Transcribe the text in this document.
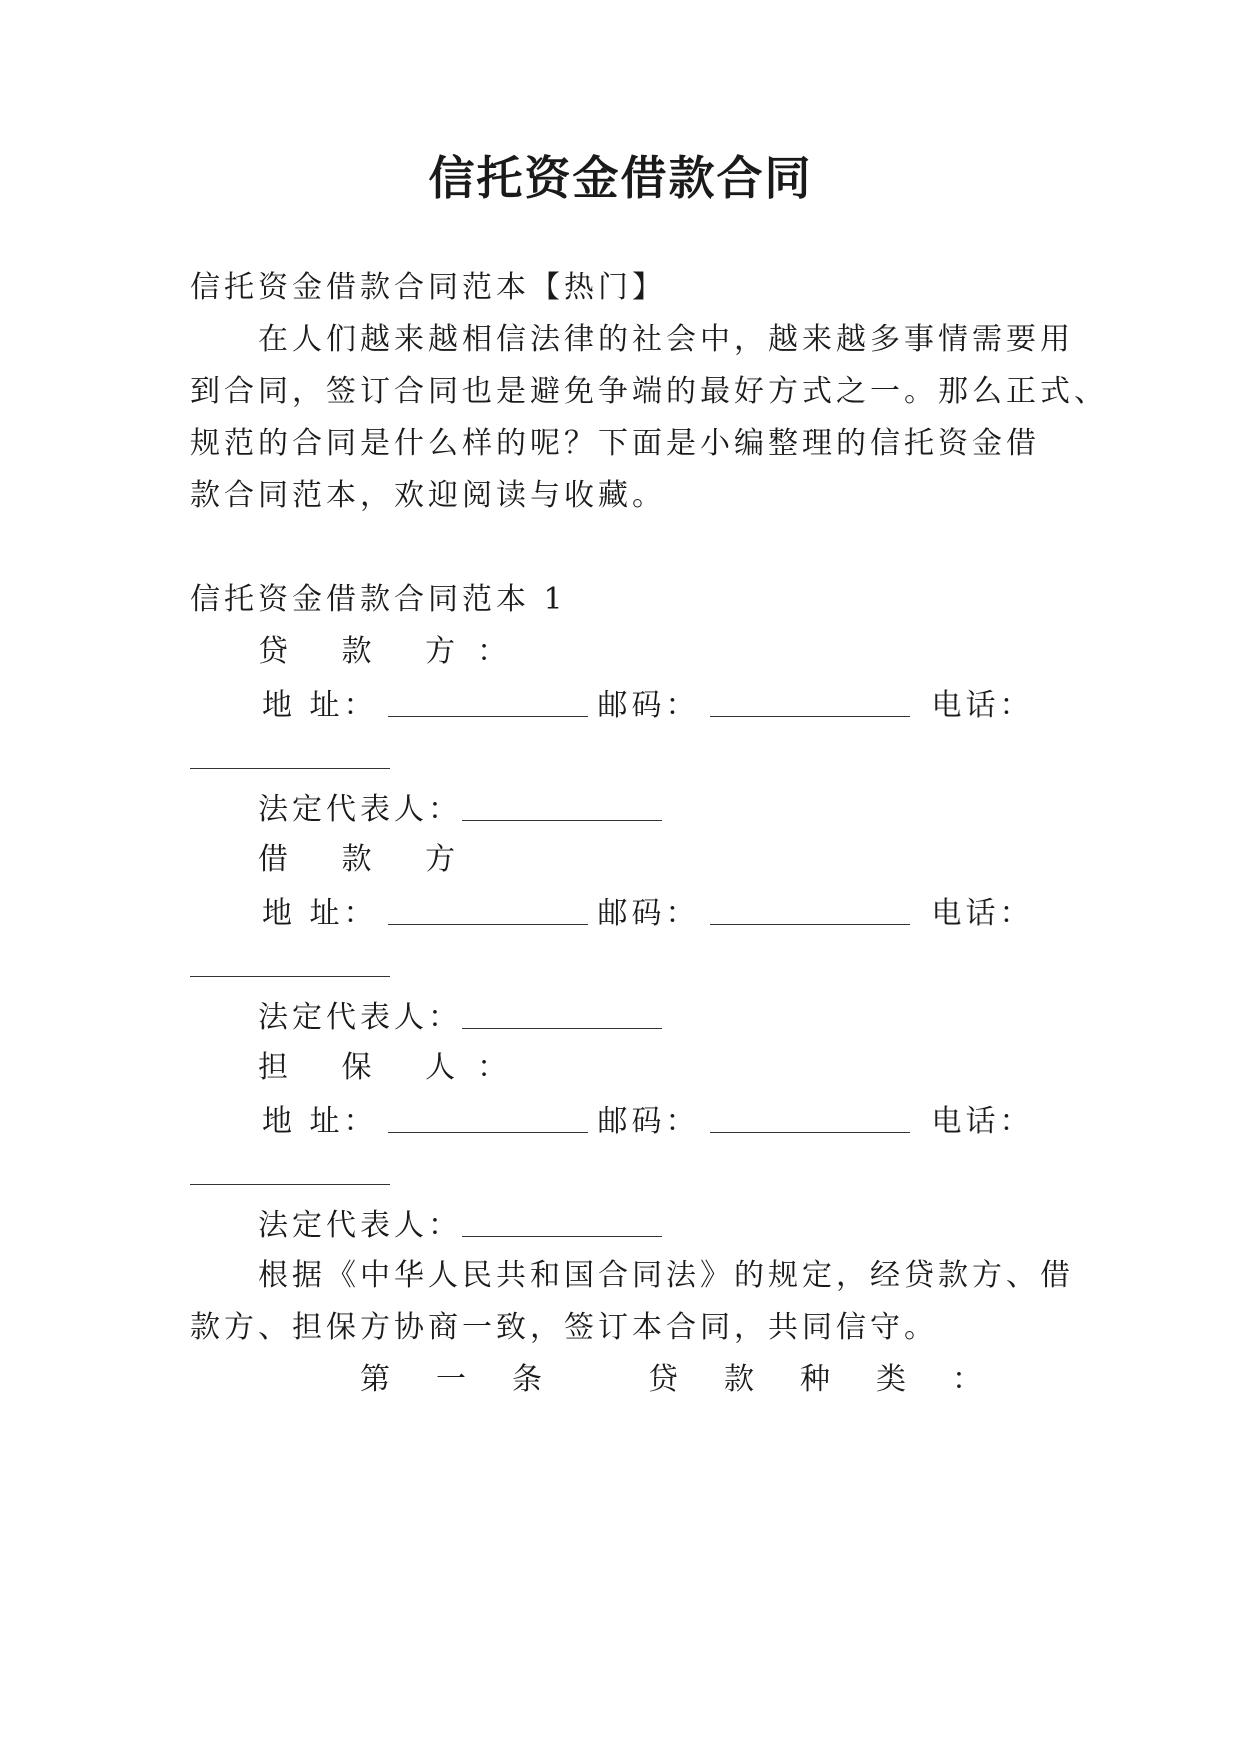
信托资金借款合同
信托资金借款合同范本【热门】
在人们越来越相信法律的社会中，越来越多事情需要用
到合同，签订合同也是避免争端的最好方式之一。那么正式、
规范的合同是什么样的呢？下面是小编整理的信托资金借
款合同范本，欢迎阅读与收藏。
信托资金借款合同范本 1
贷 款 方：
地 址：	邮码：	电话：
法定代表人：
借 款 方
地 址：	邮码：	电话：
法定代表人：
担 保 人：
地 址：	邮码：	电话：
法定代表人：
根据《中华人民共和国合同法》的规定，经贷款方、借
款方、担保方协商一致，签订本合同，共同信守。
第 一 条	贷 款 种 类 ：
